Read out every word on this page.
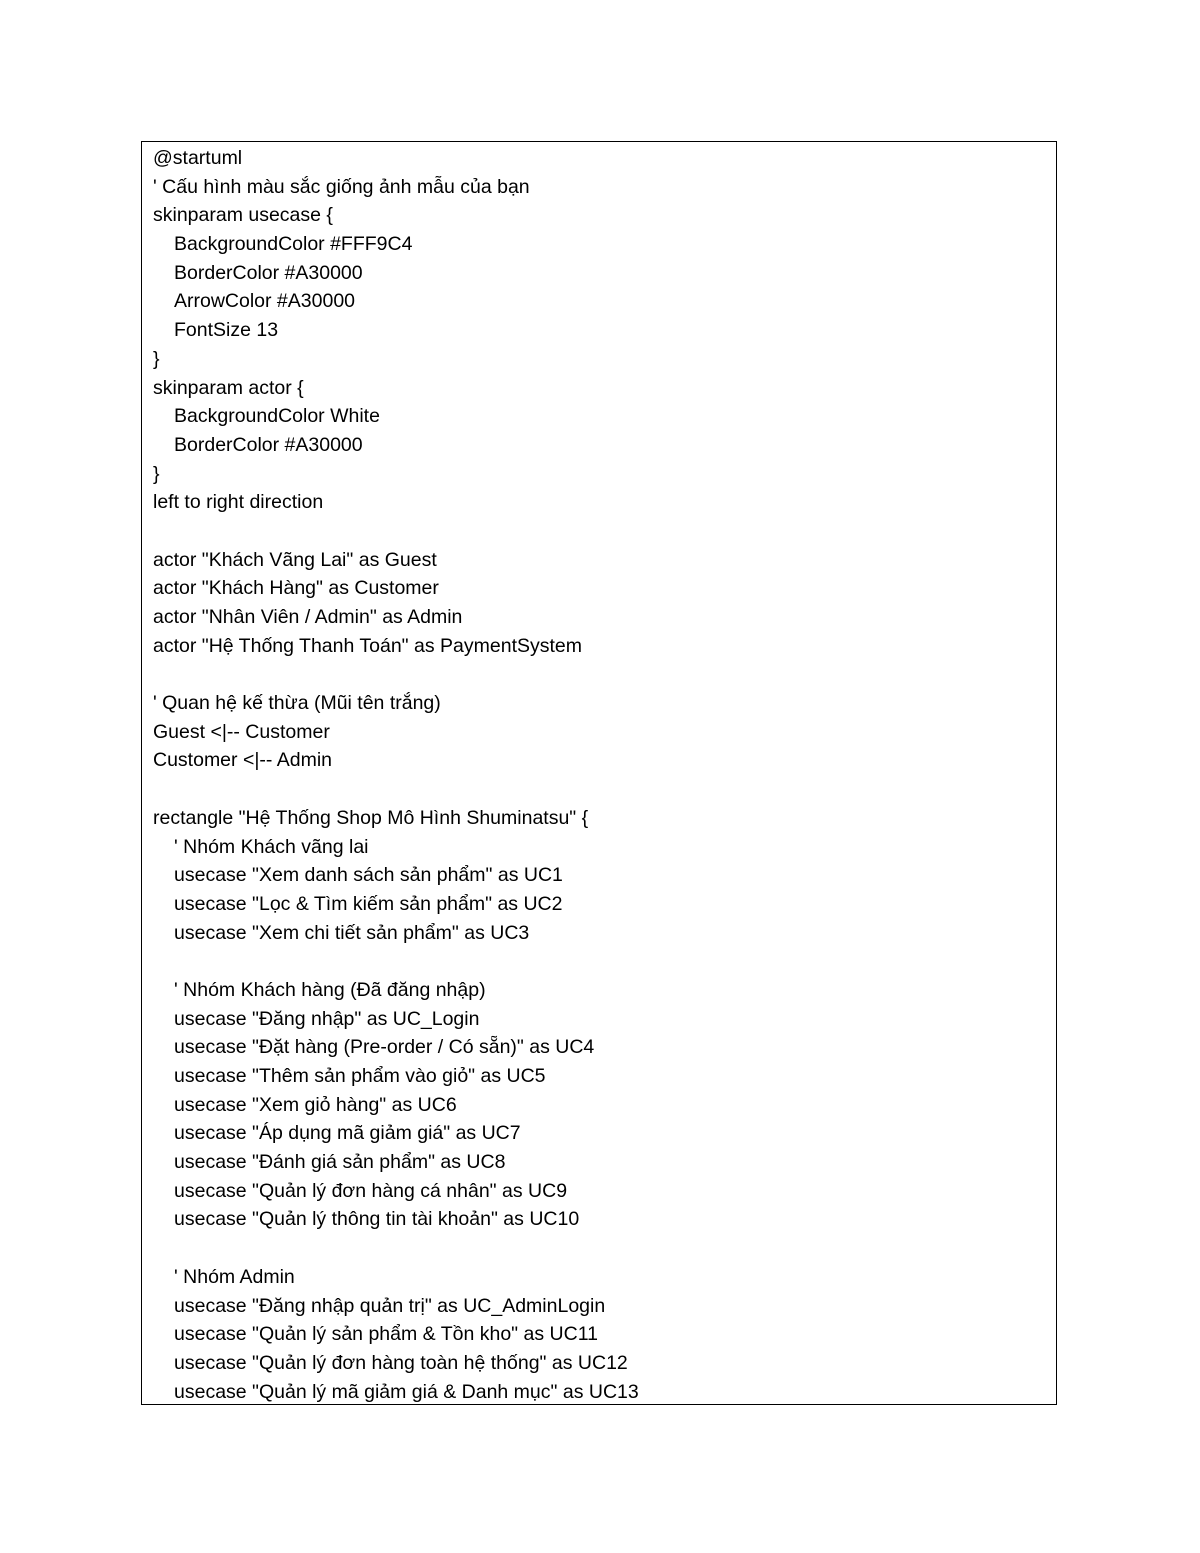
@startuml
' Cấu hình màu sắc giống ảnh mẫu của bạn
skinparam usecase {
BackgroundColor #FFF9C4
BorderColor #A30000
ArrowColor #A30000
FontSize 13
}
skinparam actor {
BackgroundColor White
BorderColor #A30000
}
left to right direction
actor "Khách Vãng Lai" as Guest
actor "Khách Hàng" as Customer
actor "Nhân Viên / Admin" as Admin
actor "Hệ Thống Thanh Toán" as PaymentSystem
' Quan hệ kế thừa (Mũi tên trắng)
Guest <|-- Customer
Customer <|-- Admin
rectangle "Hệ Thống Shop Mô Hình Shuminatsu" {
' Nhóm Khách vãng lai
usecase "Xem danh sách sản phẩm" as UC1
usecase "Lọc & Tìm kiếm sản phẩm" as UC2
usecase "Xem chi tiết sản phẩm" as UC3
' Nhóm Khách hàng (Đã đăng nhập)
usecase "Đăng nhập" as UC_Login
usecase "Đặt hàng (Pre-order / Có sẵn)" as UC4
usecase "Thêm sản phẩm vào giỏ" as UC5
usecase "Xem giỏ hàng" as UC6
usecase "Áp dụng mã giảm giá" as UC7
usecase "Đánh giá sản phẩm" as UC8
usecase "Quản lý đơn hàng cá nhân" as UC9
usecase "Quản lý thông tin tài khoản" as UC10
' Nhóm Admin
usecase "Đăng nhập quản trị" as UC_AdminLogin
usecase "Quản lý sản phẩm & Tồn kho" as UC11
usecase "Quản lý đơn hàng toàn hệ thống" as UC12
usecase "Quản lý mã giảm giá & Danh mục" as UC13
